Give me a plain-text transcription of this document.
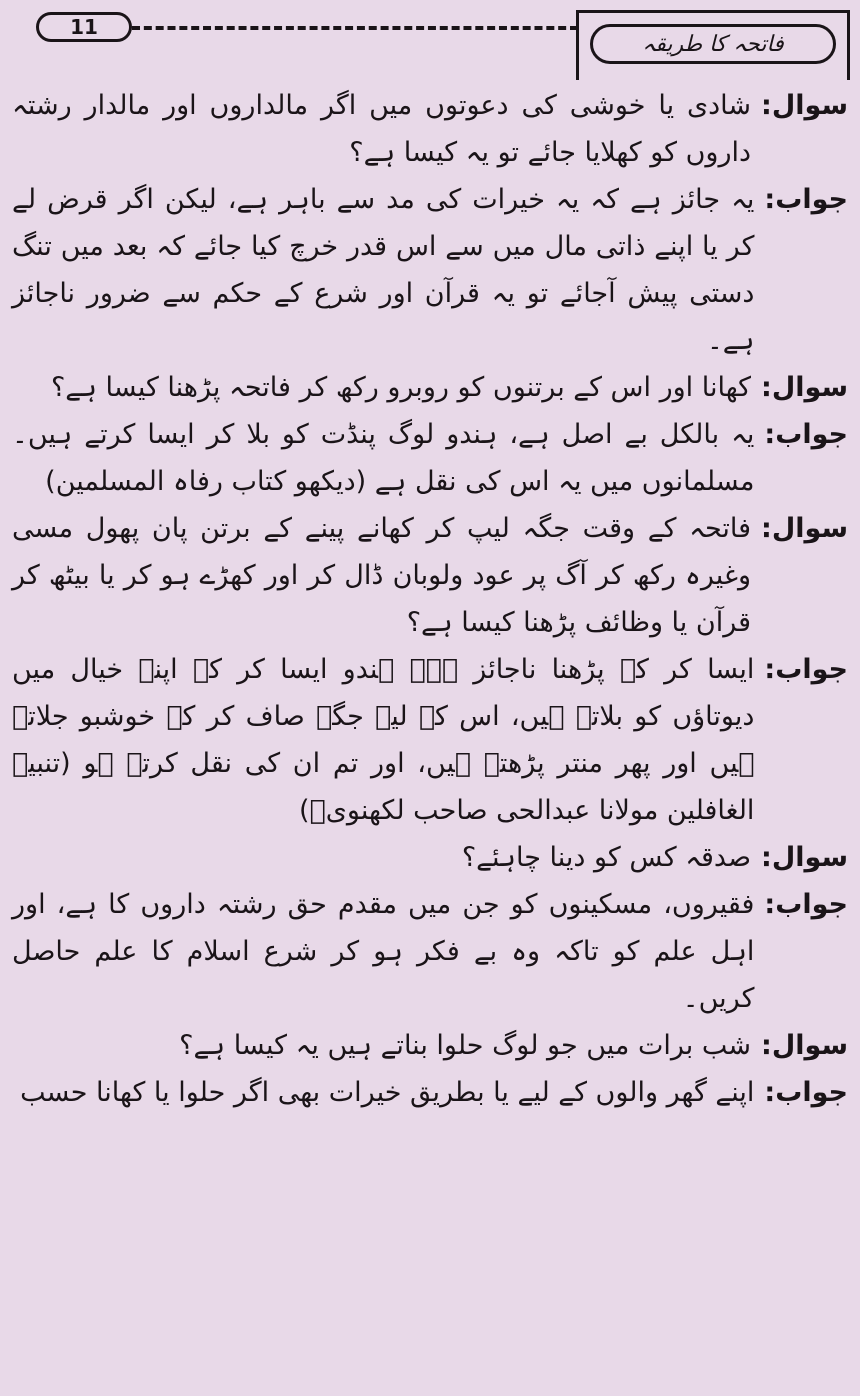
11
فاتحہ کا طریقہ
سوال:
شادی یا خوشی کی دعوتوں میں اگر مالداروں اور مالدار رشتہ داروں کو کھلایا جائے تو یہ کیسا ہے؟
جواب:
یہ جائز ہے کہ یہ خیرات کی مد سے باہر ہے، لیکن اگر قرض لے کر یا اپنے ذاتی مال میں سے اس قدر خرچ کیا جائے کہ بعد میں تنگ دستی پیش آجائے تو یہ قرآن اور شرع کے حکم سے ضرور ناجائز ہے۔
سوال:
کھانا اور اس کے برتنوں کو روبرو رکھ کر فاتحہ پڑھنا کیسا ہے؟
جواب:
یہ بالکل بے اصل ہے، ہندو لوگ پنڈت کو بلا کر ایسا کرتے ہیں۔ مسلمانوں میں یہ اس کی نقل ہے (دیکھو کتاب رفاہ المسلمین)
سوال:
فاتحہ کے وقت جگہ لیپ کر کھانے پینے کے برتن پان پھول مسی وغیرہ رکھ کر آگ پر عود ولوبان ڈال کر اور کھڑے ہو کر یا بیٹھ کر قرآن یا وظائف پڑھنا کیسا ہے؟
جواب:
ایسا کر کے پڑھنا ناجائز ہے۔ ہندو ایسا کر کے اپنے خیال میں دیوتاؤں کو بلاتے ہیں، اس کے لیے جگہ صاف کر کے خوشبو جلاتے ہیں اور پھر منتر پڑھتے ہیں، اور تم ان کی نقل کرتے ہو (تنبیہ الغافلین مولانا عبدالحی صاحب لکھنویؒ)
سوال:
صدقہ کس کو دینا چاہئے؟
جواب:
فقیروں، مسکینوں کو جن میں مقدم حق رشتہ داروں کا ہے، اور اہل علم کو تاکہ وہ بے فکر ہو کر شرع اسلام کا علم حاصل کریں۔
سوال:
شب برات میں جو لوگ حلوا بناتے ہیں یہ کیسا ہے؟
جواب:
اپنے گھر والوں کے لیے یا بطریق خیرات بھی اگر حلوا یا کھانا حسب
